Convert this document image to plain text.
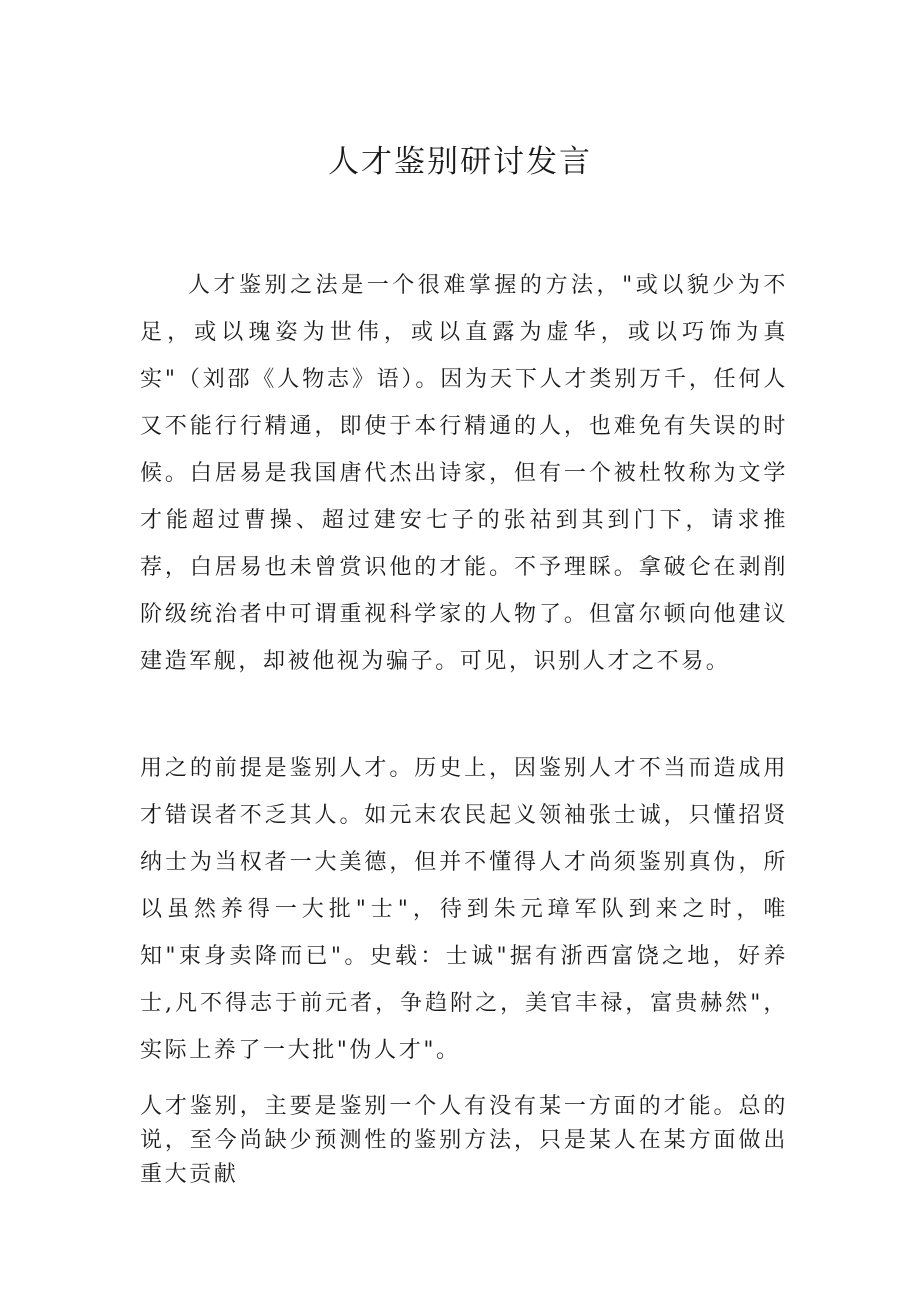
人才鉴别研讨发言

人才鉴别之法是一个很难掌握的方法，"或以貌少为不足，或以瑰姿为世伟，或以直露为虚华，或以巧饰为真实"（刘邵《人物志》语）。因为天下人才类别万千，任何人又不能行行精通，即使于本行精通的人，也难免有失误的时候。白居易是我国唐代杰出诗家，但有一个被杜牧称为文学才能超过曹操、超过建安七子的张祜到其到门下，请求推荐，白居易也未曾赏识他的才能。不予理睬。拿破仑在剥削阶级统治者中可谓重视科学家的人物了。但富尔顿向他建议建造军舰，却被他视为骗子。可见，识别人才之不易。

用之的前提是鉴别人才。历史上，因鉴别人才不当而造成用才错误者不乏其人。如元末农民起义领袖张士诚，只懂招贤纳士为当权者一大美德，但并不懂得人才尚须鉴别真伪，所以虽然养得一大批"士"，待到朱元璋军队到来之时，唯知"束身卖降而已"。史载：士诚"据有浙西富饶之地，好养士,凡不得志于前元者，争趋附之，美官丰禄，富贵赫然"，实际上养了一大批"伪人才"。

人才鉴别，主要是鉴别一个人有没有某一方面的才能。总的说，至今尚缺少预测性的鉴别方法，只是某人在某方面做出重大贡献
